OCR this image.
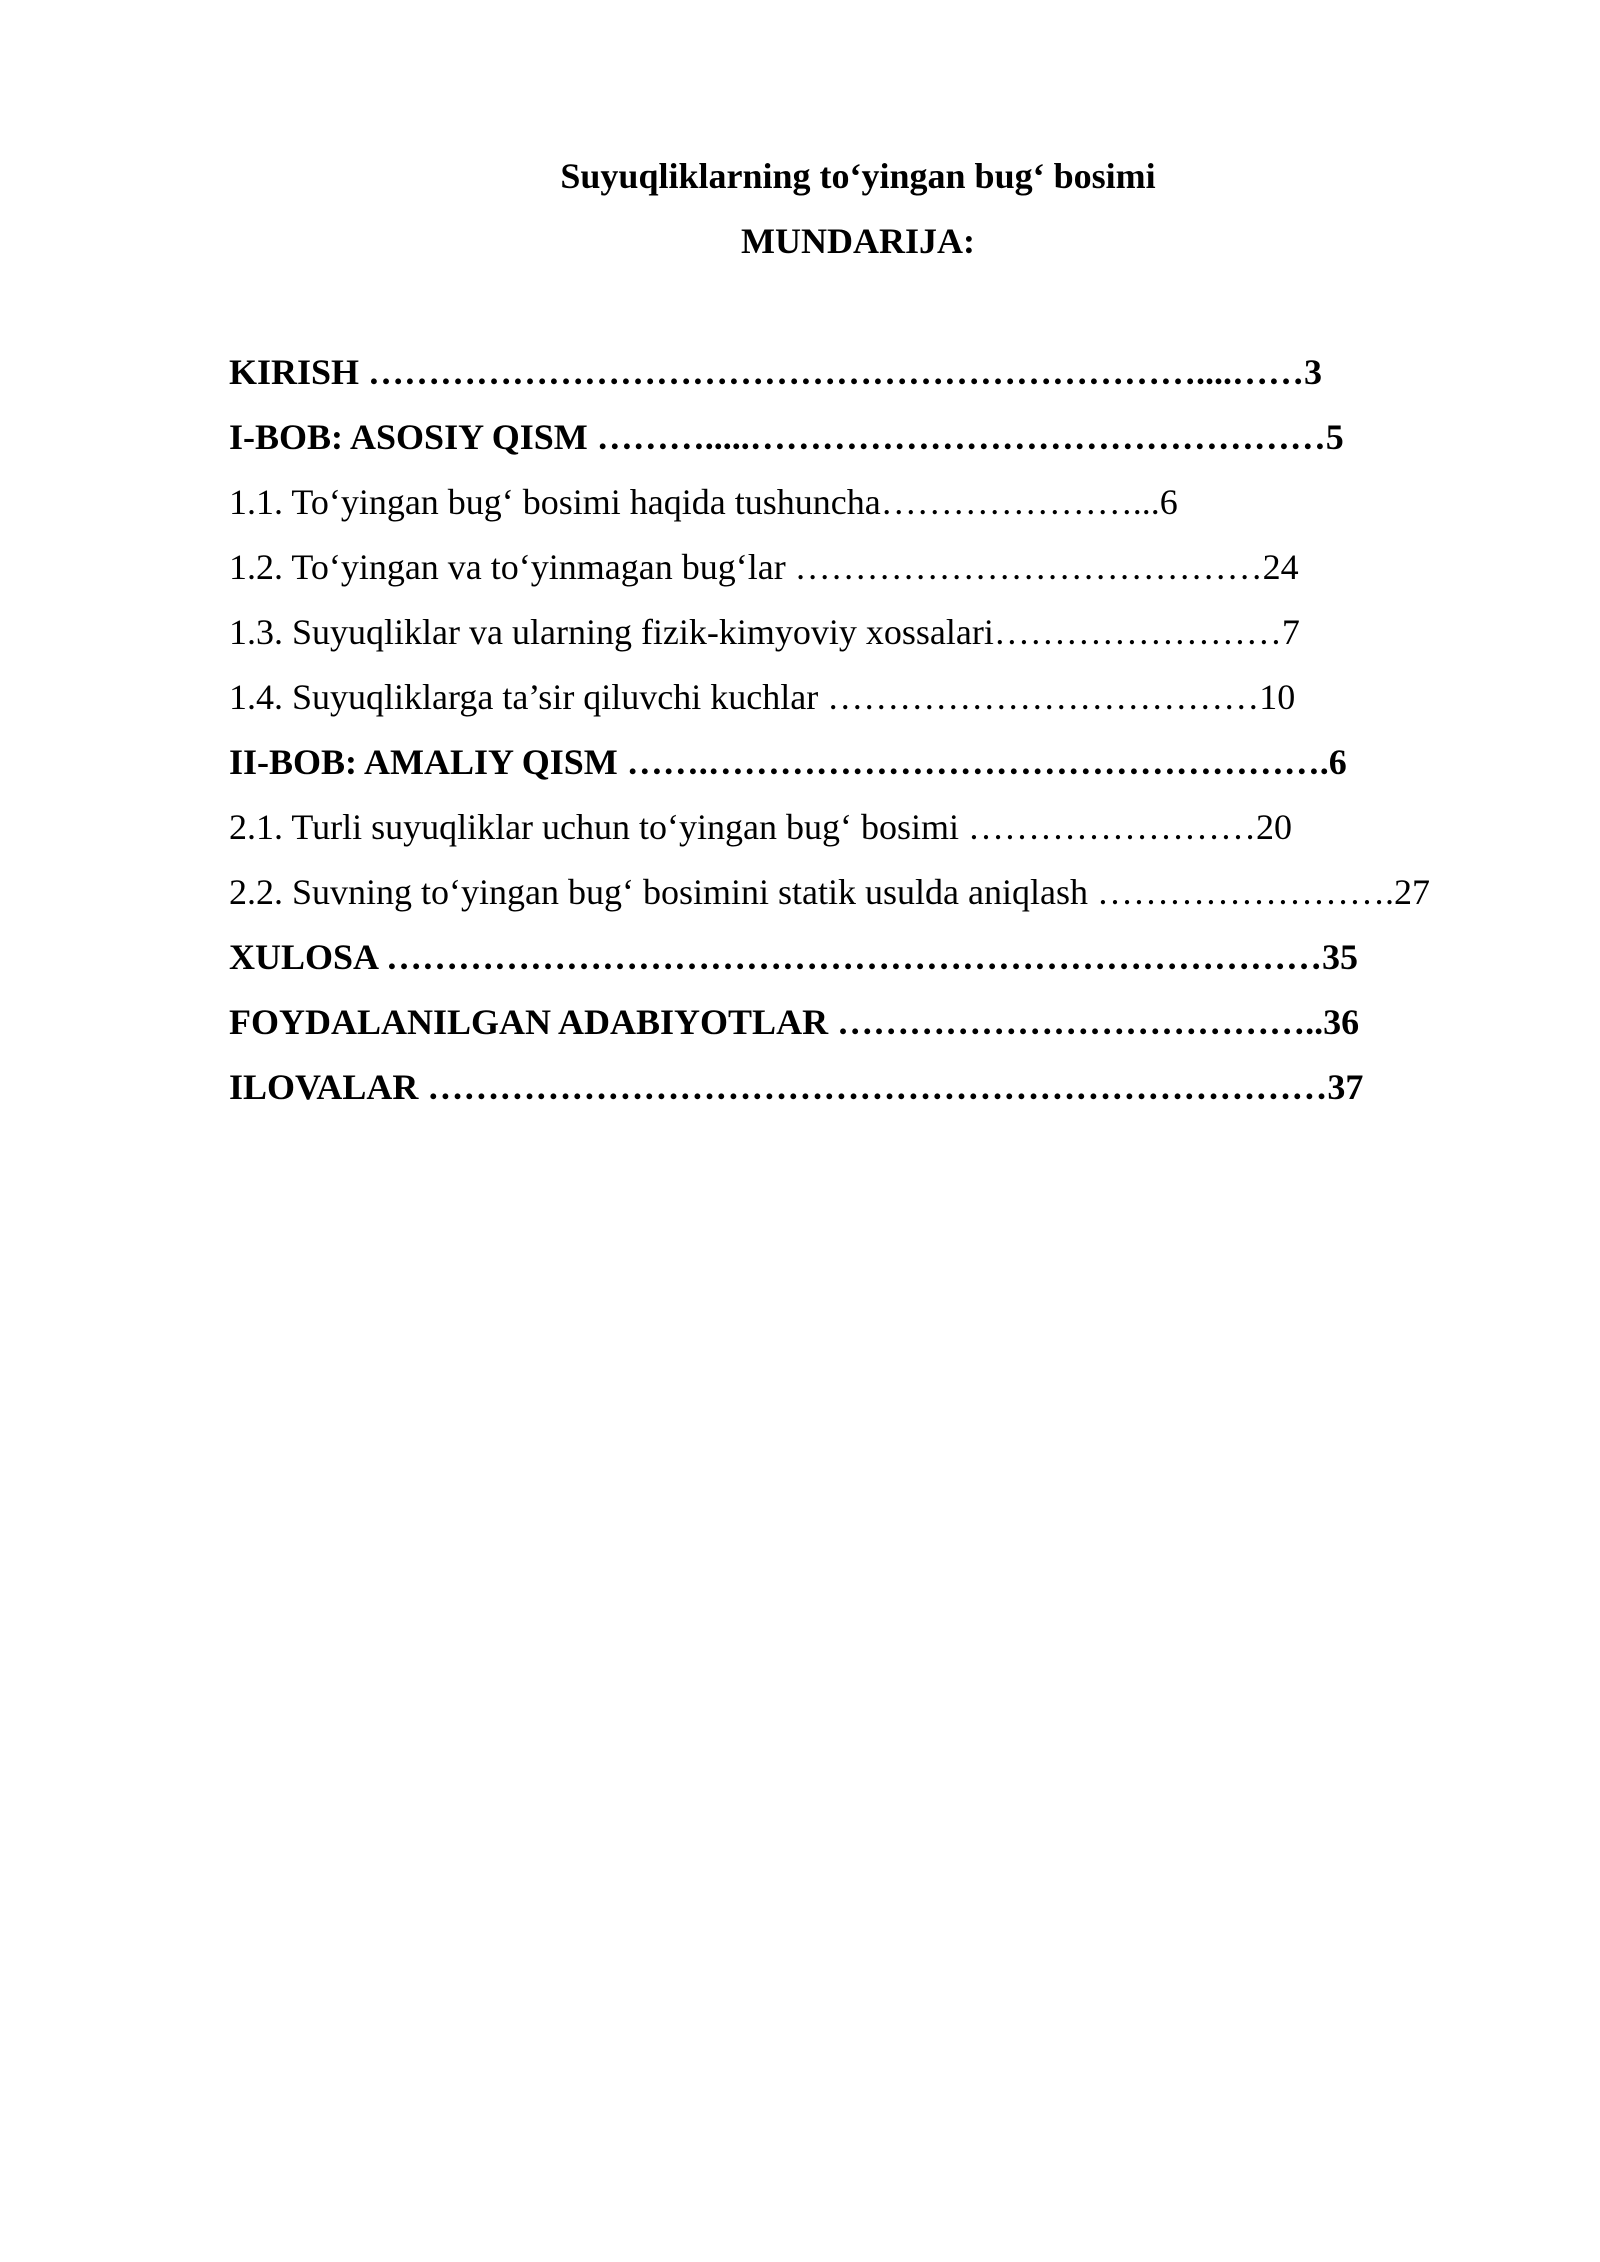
Suyuqliklarning to‘yingan bug‘ bosimi
MUNDARIJA:
KIRISH ……………………………………………………………....……3
I-BOB: ASOSIY QISM ……….....…………………………………………5
1.1. To‘yingan bug‘ bosimi haqida tushuncha…………………...6
1.2. To‘yingan va to‘yinmagan bug‘lar …………………………………24
1.3. Suyuqliklar va ularning fizik-kimyoviy xossalari……………………7
1.4. Suyuqliklarga ta’sir qiluvchi kuchlar ………………………………10
II-BOB: AMALIY QISM …….…………………………………………….6
2.1. Turli suyuqliklar uchun to‘yingan bug‘ bosimi ……………………20
2.2. Suvning to‘yingan bug‘ bosimini statik usulda aniqlash …………………….27
XULOSA ……………………………………………………………………35
FOYDALANILGAN ADABIYOTLAR …………………………………..36
ILOVALAR …………………………………………………………………37
